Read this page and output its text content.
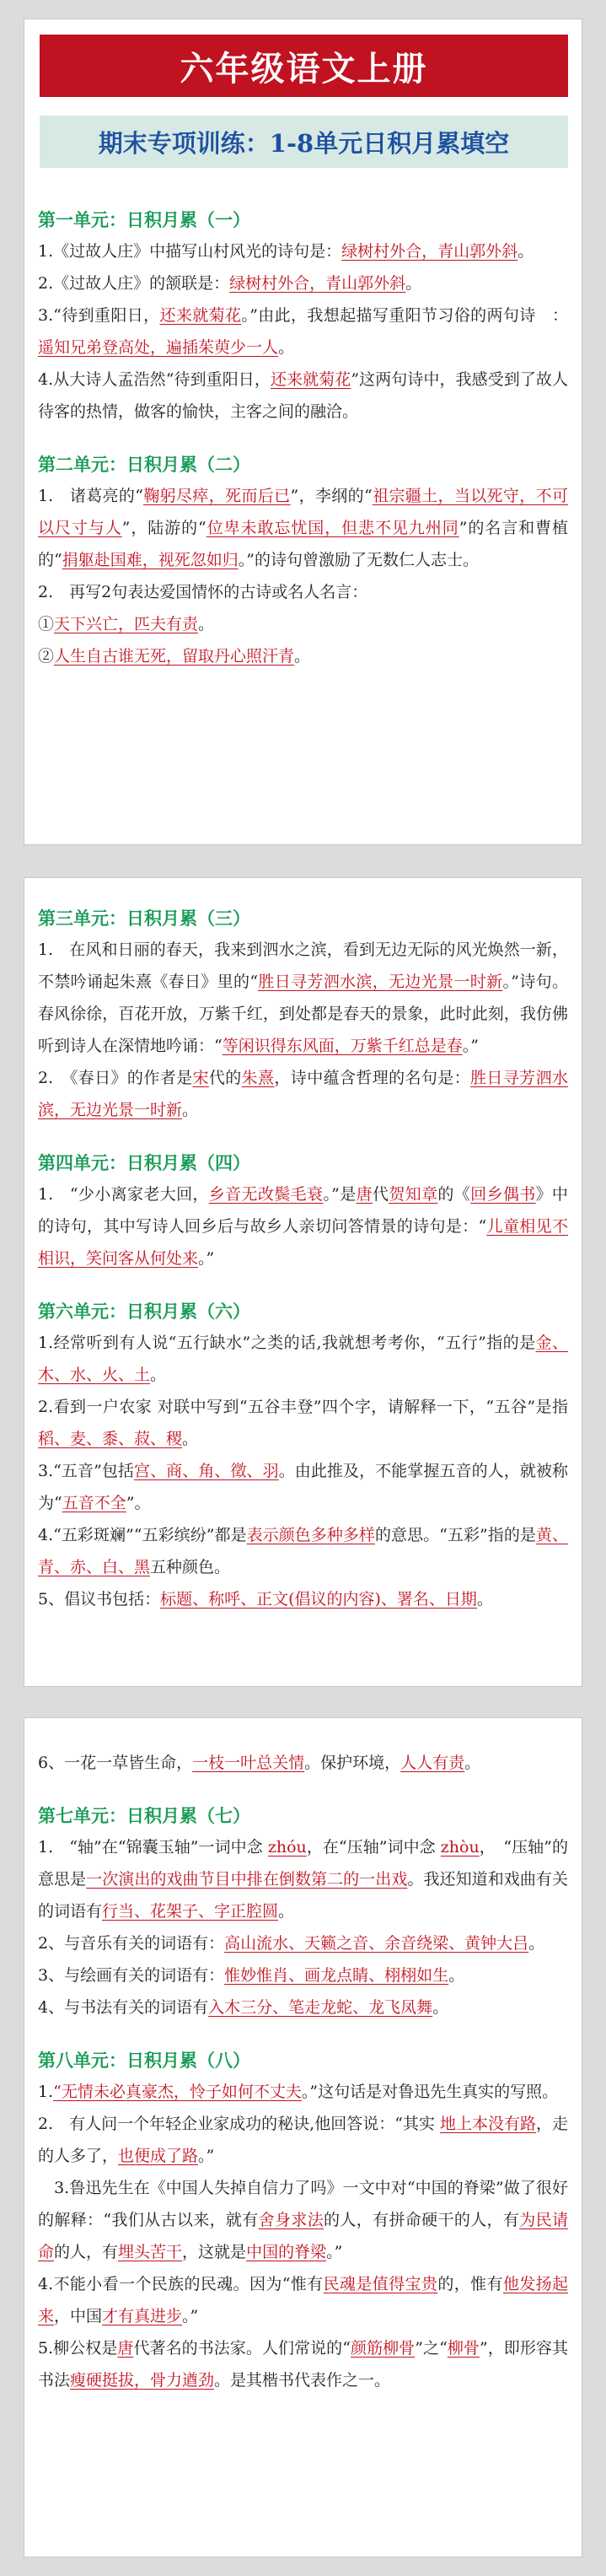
六年级语文上册
期末专项训练：1-8单元日积月累填空
第一单元：日积月累（一）
1.《过故人庄》中描写山村风光的诗句是：绿树村外合，青山郭外斜。
2.《过故人庄》的颔联是：绿树村外合，青山郭外斜。
3.“待到重阳日，还来就菊花。”由此，我想起描写重阳节习俗的两句诗　：遥知兄弟登高处，遍插茱萸少一人。
4.从大诗人孟浩然“待到重阳日，还来就菊花”这两句诗中，我感受到了故人待客的热情，做客的愉快，主客之间的融洽。
第二单元：日积月累（二）
1.　诸葛亮的“鞠躬尽瘁，死而后已”，李纲的“祖宗疆土，当以死守，不可以尺寸与人”，陆游的“位卑未敢忘忧国，但悲不见九州同”的名言和曹植的“捐躯赴国难，视死忽如归。”的诗句曾激励了无数仁人志士。
2.　再写2句表达爱国情怀的古诗或名人名言：
①天下兴亡，匹夫有责。
②人生自古谁无死，留取丹心照汗青。
第三单元：日积月累（三）
1.　在风和日丽的春天，我来到泗水之滨，看到无边无际的风光焕然一新，不禁吟诵起朱熹《春日》里的“胜日寻芳泗水滨，无边光景一时新。”诗句。春风徐徐，百花开放，万紫千红，到处都是春天的景象，此时此刻，我仿佛听到诗人在深情地吟诵：“等闲识得东风面，万紫千红总是春。”
2.　《春日》的作者是宋代的朱熹，诗中蕴含哲理的名句是：胜日寻芳泗水滨，无边光景一时新。
第四单元：日积月累（四）
1.　“少小离家老大回，乡音无改鬓毛衰。”是唐代贺知章的《回乡偶书》中的诗句，其中写诗人回乡后与故乡人亲切问答情景的诗句是：“儿童相见不相识，笑问客从何处来。”
第六单元：日积月累（六）
1.经常听到有人说“五行缺水”之类的话,我就想考考你，“五行”指的是金、木、水、火、土。
2.看到一户农家 对联中写到“五谷丰登”四个字，请解释一下，“五谷”是指稻、麦、黍、菽、稷。
3.“五音”包括宫、商、角、徵、羽。由此推及，不能掌握五音的人，就被称为“五音不全”。
4.“五彩斑斓”“五彩缤纷”都是表示颜色多种多样的意思。“五彩”指的是黄、青、赤、白、黑五种颜色。
5、倡议书包括：标题、称呼、正文(倡议的内容)、署名、日期。
6、一花一草皆生命，一枝一叶总关情。保护环境，人人有责。
第七单元：日积月累（七）
1.　“轴”在“锦囊玉轴”一词中念 zhóu，在“压轴”词中念 zhòu，　“压轴”的意思是一次演出的戏曲节目中排在倒数第二的一出戏。我还知道和戏曲有关的词语有行当、花架子、字正腔圆。
2、与音乐有关的词语有：高山流水、天籁之音、余音绕梁、黄钟大吕。
3、与绘画有关的词语有：惟妙惟肖、画龙点睛、栩栩如生。
4、与书法有关的词语有入木三分、笔走龙蛇、龙飞凤舞。
第八单元：日积月累（八）
1.“无情未必真豪杰，怜子如何不丈夫。”这句话是对鲁迅先生真实的写照。
2.　有人问一个年轻企业家成功的秘诀,他回答说：“其实 地上本没有路，走的人多了，也便成了路。”
　3.鲁迅先生在《中国人失掉自信力了吗》一文中对“中国的脊梁”做了很好的解释：“我们从古以来，就有舍身求法的人，有拼命硬干的人，有为民请命的人，有埋头苦干，这就是中国的脊梁。”
4.不能小看一个民族的民魂。因为“惟有民魂是值得宝贵的，惟有他发扬起来，中国才有真进步。”
5.柳公权是唐代著名的书法家。人们常说的“颜筋柳骨”之“柳骨”，即形容其书法瘦硬挺拔，骨力遒劲。是其楷书代表作之一。
